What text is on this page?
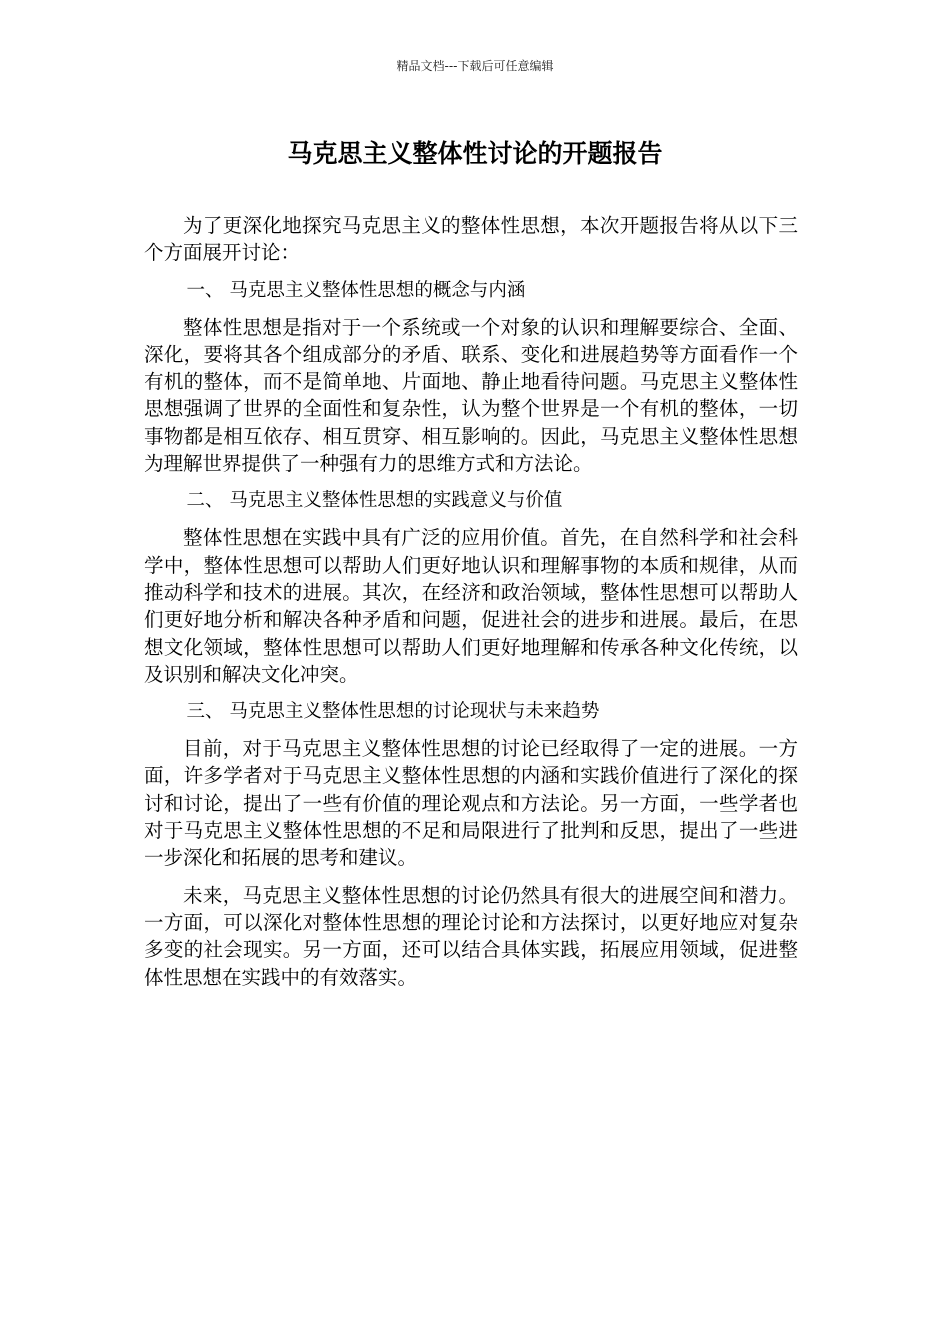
精品文档---下载后可任意编辑
马克思主义整体性讨论的开题报告

为了更深化地探究马克思主义的整体性思想，本次开题报告将从以下三个方面展开讨论：

一、 马克思主义整体性思想的概念与内涵

整体性思想是指对于一个系统或一个对象的认识和理解要综合、全面、深化，要将其各个组成部分的矛盾、联系、变化和进展趋势等方面看作一个有机的整体，而不是简单地、片面地、静止地看待问题。马克思主义整体性思想强调了世界的全面性和复杂性，认为整个世界是一个有机的整体，一切事物都是相互依存、相互贯穿、相互影响的。因此，马克思主义整体性思想为理解世界提供了一种强有力的思维方式和方法论。

二、 马克思主义整体性思想的实践意义与价值

整体性思想在实践中具有广泛的应用价值。首先，在自然科学和社会科学中，整体性思想可以帮助人们更好地认识和理解事物的本质和规律，从而推动科学和技术的进展。其次，在经济和政治领域，整体性思想可以帮助人们更好地分析和解决各种矛盾和问题，促进社会的进步和进展。最后，在思想文化领域，整体性思想可以帮助人们更好地理解和传承各种文化传统，以及识别和解决文化冲突。

三、 马克思主义整体性思想的讨论现状与未来趋势

目前，对于马克思主义整体性思想的讨论已经取得了一定的进展。一方面，许多学者对于马克思主义整体性思想的内涵和实践价值进行了深化的探讨和讨论，提出了一些有价值的理论观点和方法论。另一方面，一些学者也对于马克思主义整体性思想的不足和局限进行了批判和反思，提出了一些进一步深化和拓展的思考和建议。

未来，马克思主义整体性思想的讨论仍然具有很大的进展空间和潜力。一方面，可以深化对整体性思想的理论讨论和方法探讨，以更好地应对复杂多变的社会现实。另一方面，还可以结合具体实践，拓展应用领域，促进整体性思想在实践中的有效落实。
